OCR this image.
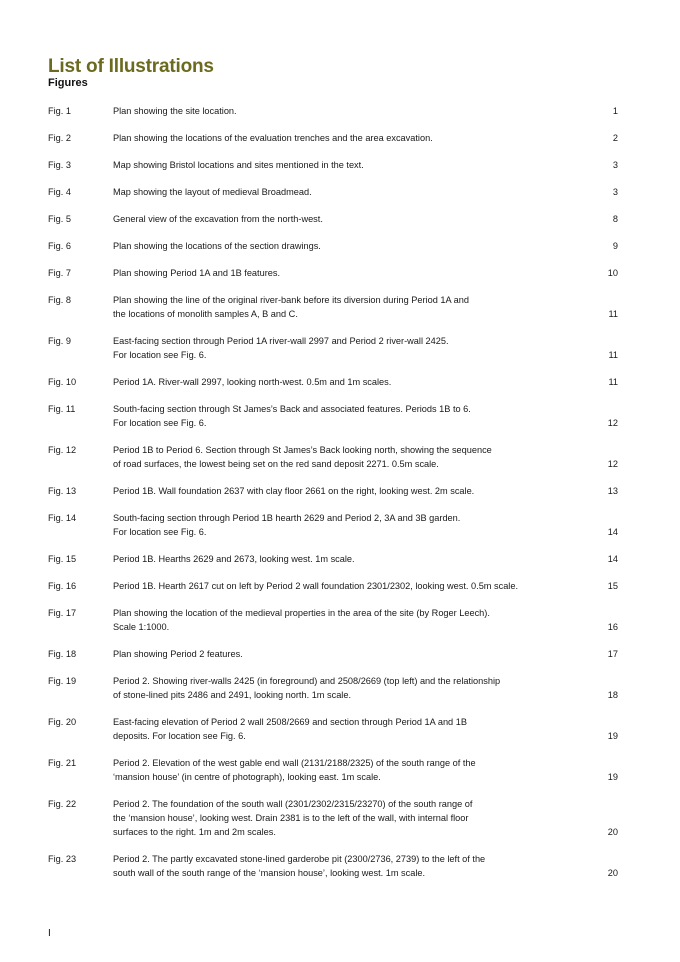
List of Illustrations
Figures
Fig. 1	Plan showing the site location.	1
Fig. 2	Plan showing the locations of the evaluation trenches and the area excavation.	2
Fig. 3	Map showing Bristol locations and sites mentioned in the text.	3
Fig. 4	Map showing the layout of medieval Broadmead.	3
Fig. 5	General view of the excavation from the north-west.	8
Fig. 6	Plan showing the locations of the section drawings.	9
Fig. 7	Plan showing Period 1A and 1B features.	10
Fig. 8	Plan showing the line of the original river-bank before its diversion during Period 1A and
the locations of monolith samples A, B and C.	11
Fig. 9	East-facing section through Period 1A river-wall 2997 and Period 2 river-wall 2425.
For location see Fig. 6.	11
Fig. 10	Period 1A. River-wall 2997, looking north-west. 0.5m and 1m scales.	11
Fig. 11	South-facing section through St James’s Back and associated features. Periods 1B to 6.
For location see Fig. 6.	12
Fig. 12	Period 1B to Period 6. Section through St James’s Back looking north, showing the sequence
of road surfaces, the lowest being set on the red sand deposit 2271. 0.5m scale.	12
Fig. 13	Period 1B. Wall foundation 2637 with clay floor 2661 on the right, looking west. 2m scale.	13
Fig. 14	South-facing section through Period 1B hearth 2629 and Period 2, 3A and 3B garden.
For location see Fig. 6.	14
Fig. 15	Period 1B. Hearths 2629 and 2673, looking west. 1m scale.	14
Fig. 16	Period 1B. Hearth 2617 cut on left by Period 2 wall foundation 2301/2302, looking west. 0.5m scale.	15
Fig. 17	Plan showing the location of the medieval properties in the area of the site (by Roger Leech).
Scale 1:1000.	16
Fig. 18	Plan showing Period 2 features.	17
Fig. 19	Period 2. Showing river-walls 2425 (in foreground) and 2508/2669 (top left) and the relationship
of stone-lined pits 2486 and 2491, looking north. 1m scale.	18
Fig. 20	East-facing elevation of Period 2 wall 2508/2669 and section through Period 1A and 1B
deposits. For location see Fig. 6.	19
Fig. 21	Period 2. Elevation of the west gable end wall (2131/2188/2325) of the south range of the
‘mansion house’ (in centre of photograph), looking east. 1m scale.	19
Fig. 22	Period 2. The foundation of the south wall (2301/2302/2315/23270) of the south range of
the ‘mansion house’, looking west. Drain 2381 is to the left of the wall, with internal floor
surfaces to the right. 1m and 2m scales.	20
Fig. 23	Period 2. The partly excavated stone-lined garderobe pit (2300/2736, 2739) to the left of the
south wall of the south range of the ‘mansion house’, looking west. 1m scale.	20
I
